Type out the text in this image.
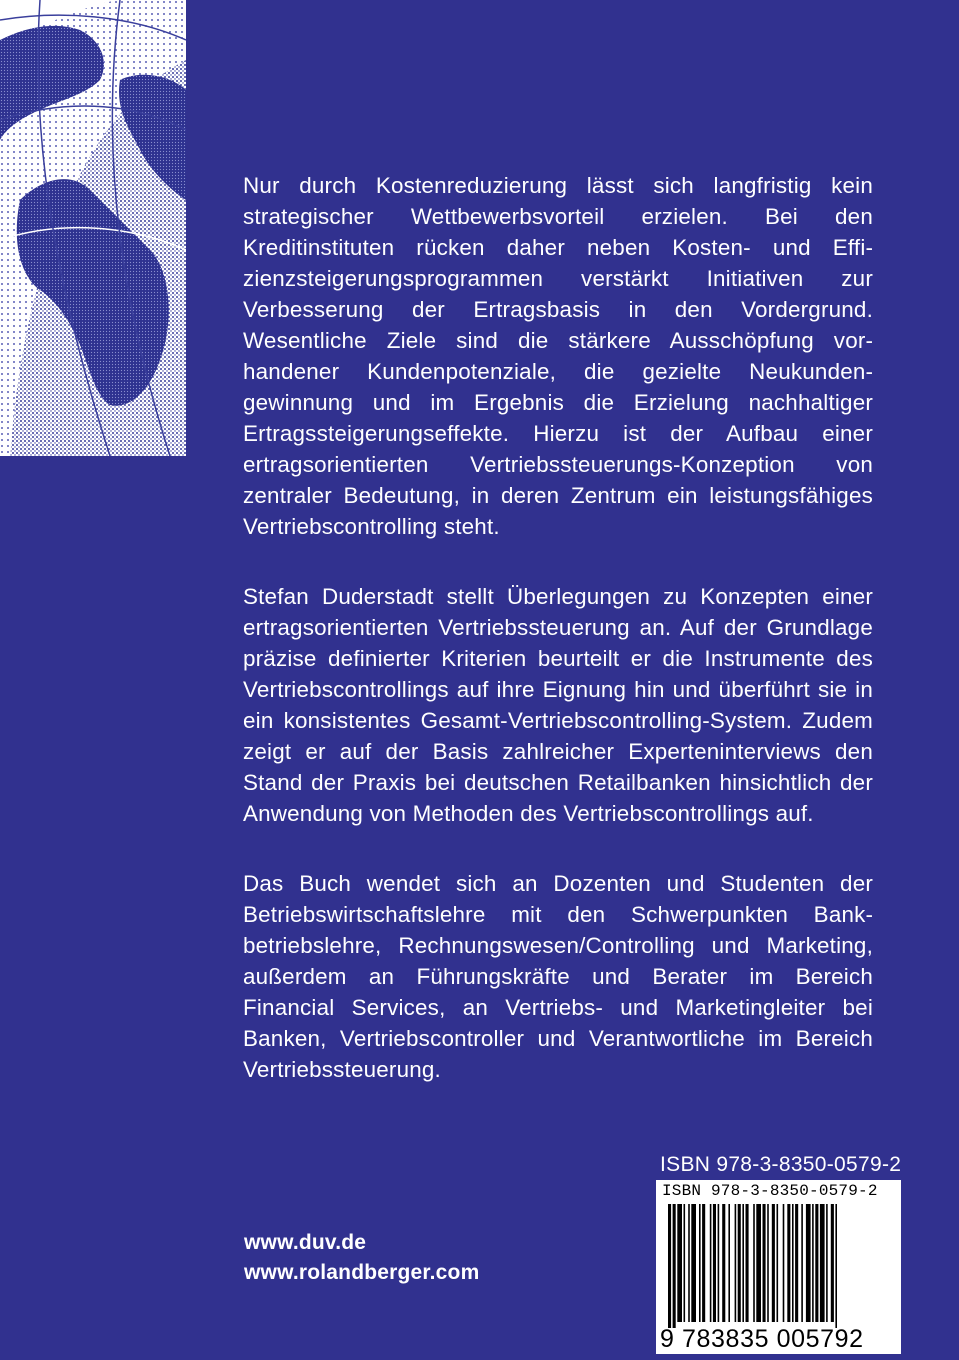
Nur durch Kostenreduzierung lässt sich langfristig kein strategischer Wettbewerbsvorteil erzielen. Bei den Kreditinstituten rücken daher neben Kosten- und Effizienzsteigerungsprogrammen verstärkt Initiativen zur Verbesserung der Ertragsbasis in den Vordergrund. Wesentliche Ziele sind die stärkere Ausschöpfung vorhandener Kundenpotenziale, die gezielte Neukundengewinnung und im Ergebnis die Erzielung nachhaltiger Ertragssteigerungseffekte. Hierzu ist der Aufbau einer ertragsorientierten Vertriebssteuerungs-Konzeption von zentraler Bedeutung, in deren Zentrum ein leistungsfähiges Vertriebscontrolling steht.

Stefan Duderstadt stellt Überlegungen zu Konzepten einer ertragsorientierten Vertriebssteuerung an. Auf der Grundlage präzise definierter Kriterien beurteilt er die Instrumente des Vertriebscontrollings auf ihre Eignung hin und überführt sie in ein konsistentes Gesamt-Vertriebscontrolling-System. Zudem zeigt er auf der Basis zahlreicher Experteninterviews den Stand der Praxis bei deutschen Retailbanken hinsichtlich der Anwendung von Methoden des Vertriebscontrollings auf.

Das Buch wendet sich an Dozenten und Studenten der Betriebswirtschaftslehre mit den Schwerpunkten Bankbetriebslehre, Rechnungswesen/Controlling und Marketing, außerdem an Führungskräfte und Berater im Bereich Financial Services, an Vertriebs- und Marketingleiter bei Banken, Vertriebscontroller und Verantwortliche im Bereich Vertriebssteuerung.

ISBN 978-3-8350-0579-2
ISBN 978-3-8350-0579-2
9 783835 005792
www.duv.de
www.rolandberger.com
